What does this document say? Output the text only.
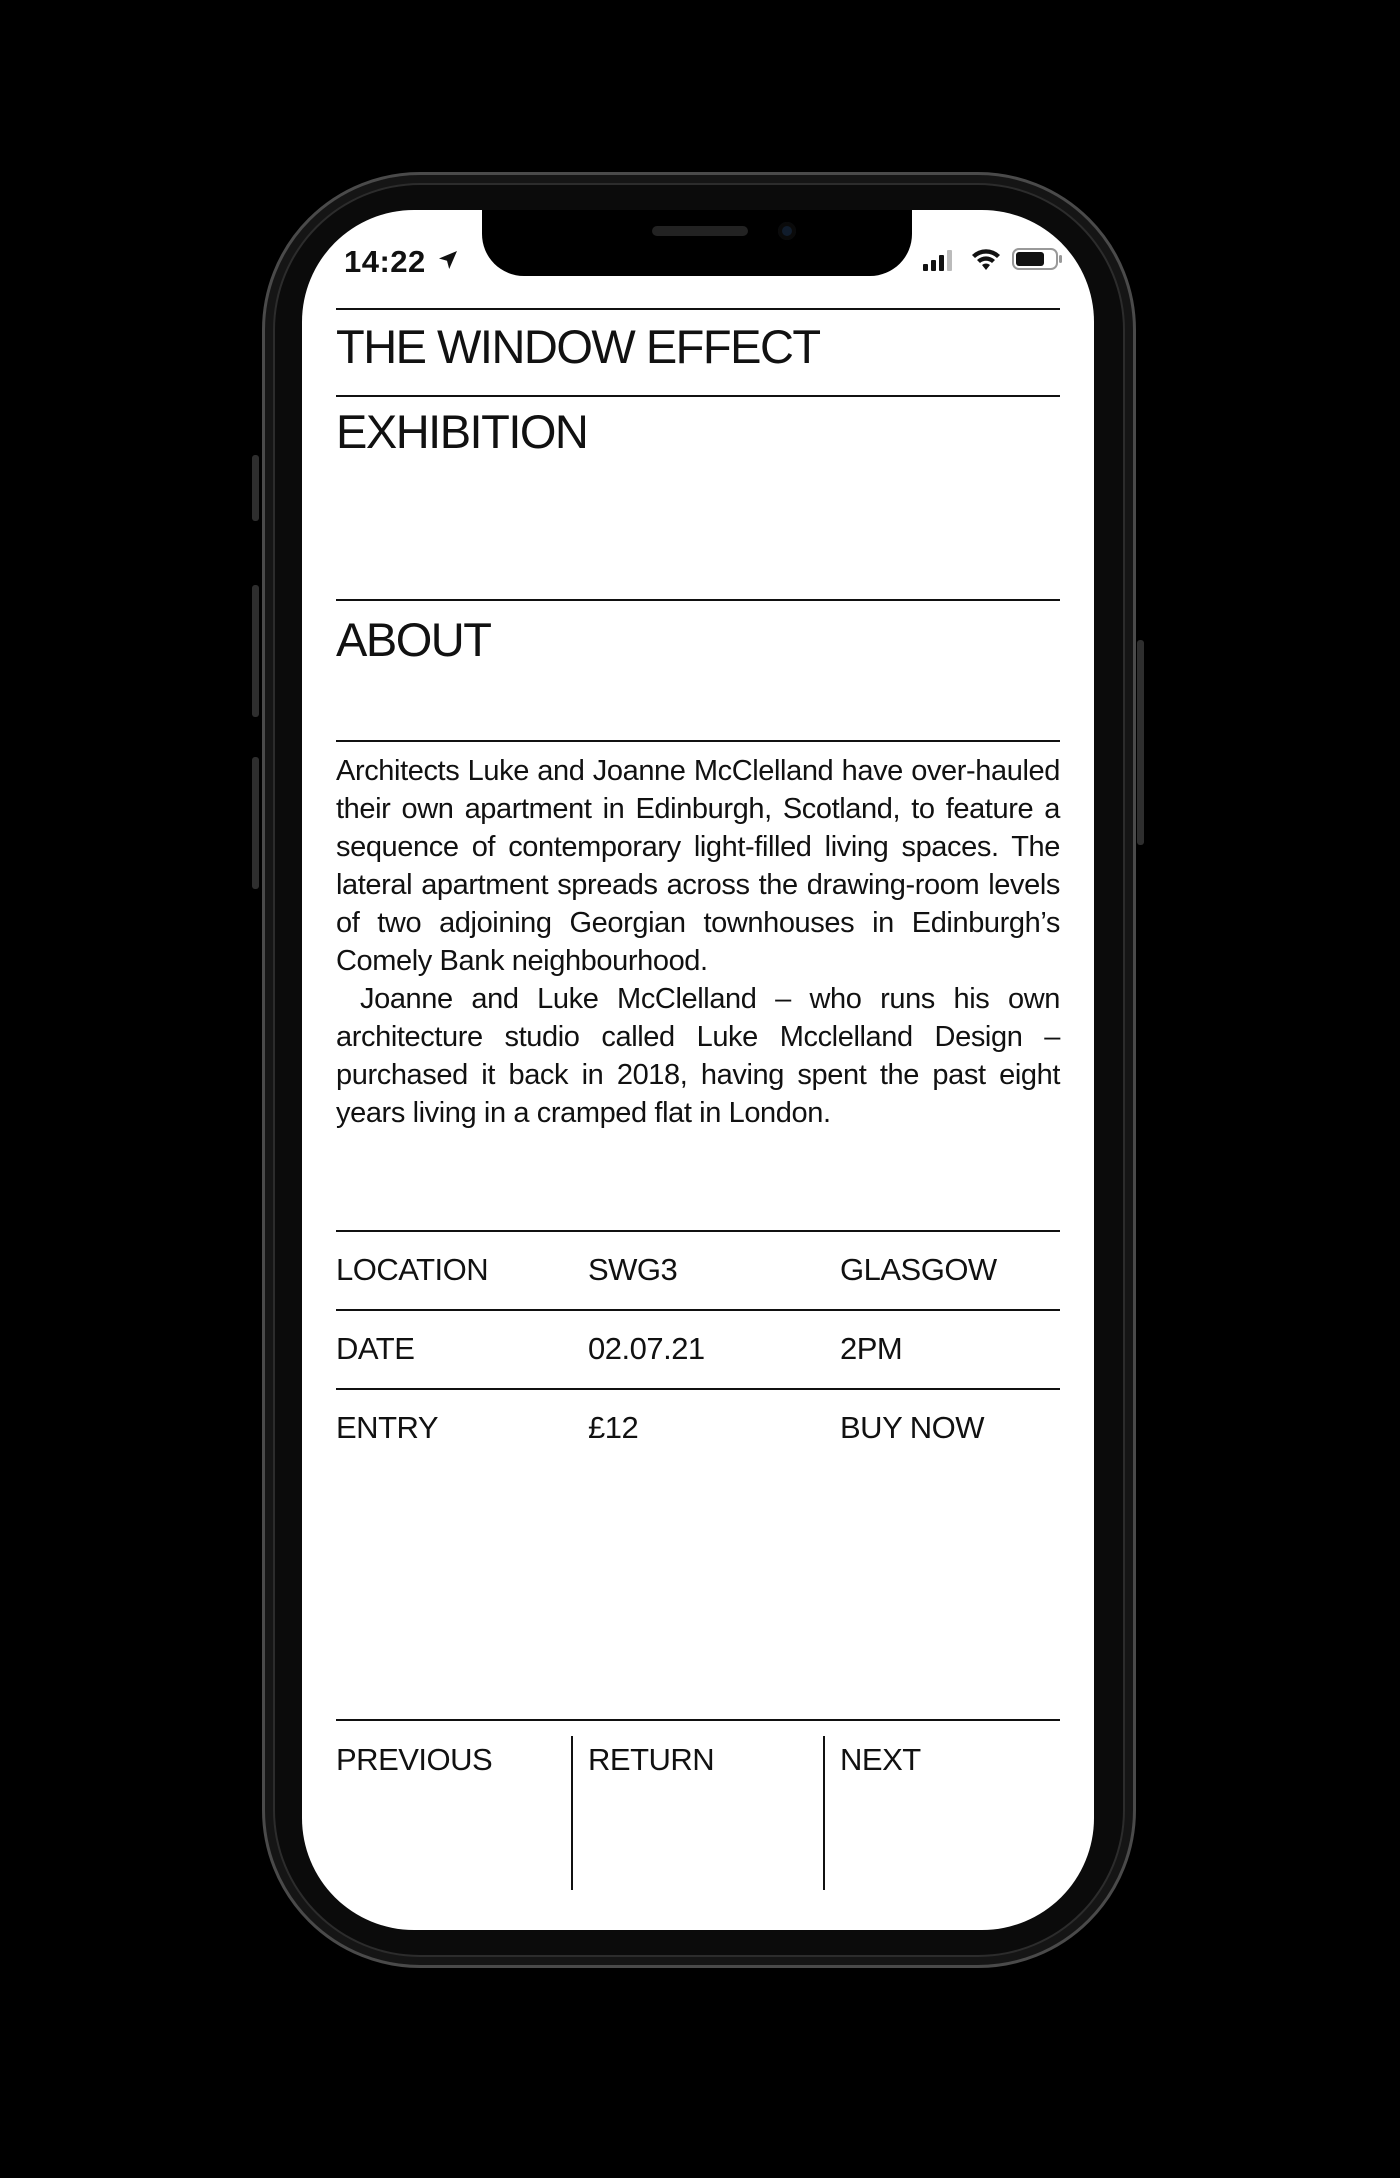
14:22
THE WINDOW EFFECT
EXHIBITION
ABOUT

Architects Luke and Joanne McClelland have over-hauled their own apartment in Edinburgh, Scotland, to feature a sequence of contemporary light-filled living spaces. The lateral apartment spreads across the drawing-room levels of two adjoining Georgian townhouses in Edinburgh’s Comely Bank neighbourhood.

Joanne and Luke McClelland – who runs his own architecture studio called Luke Mcclelland Design – purchased it back in 2018, having spent the past eight years living in a cramped flat in London.

LOCATION	SWG3	GLASGOW
DATE	02.07.21	2PM
ENTRY	£12	BUY NOW
PREVIOUS	RETURN	NEXT
